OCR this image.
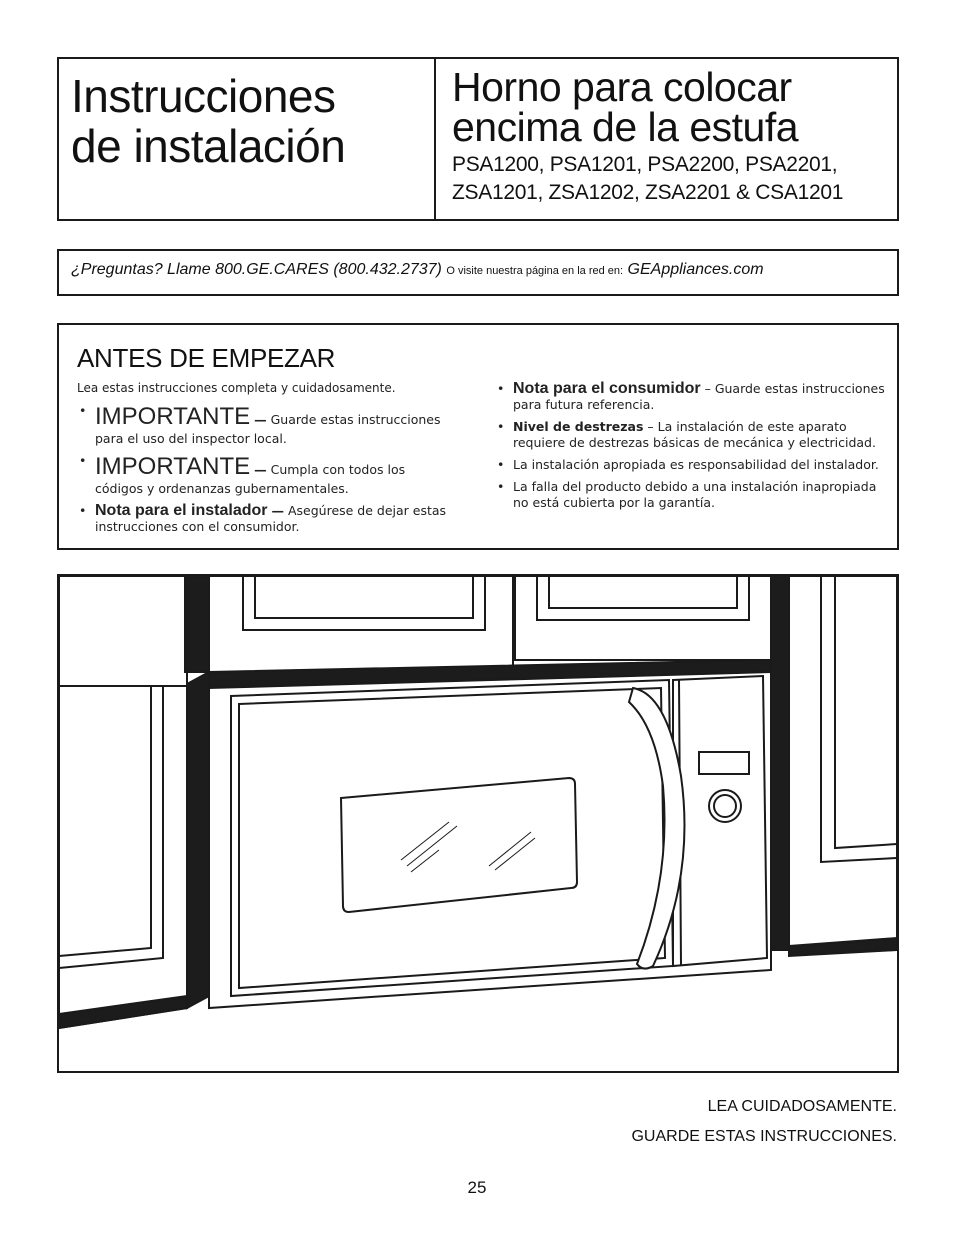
Instrucciones
de instalación
Horno para colocar
encima de la estufa
PSA1200, PSA1201, PSA2200, PSA2201,
ZSA1201, ZSA1202, ZSA2201 & CSA1201
¿Preguntas? Llame 800.GE.CARES (800.432.2737) O visite nuestra página en la red en: GEAppliances.com
ANTES DE EMPEZAR
Lea estas instrucciones completa y cuidadosamente.
• IMPORTANTE — Guarde estas instrucciones para el uso del inspector local.
• IMPORTANTE — Cumpla con todos los códigos y ordenanzas gubernamentales.
• Nota para el instalador — Asegúrese de dejar estas instrucciones con el consumidor.
• Nota para el consumidor – Guarde estas instrucciones para futura referencia.
• Nivel de destrezas – La instalación de este aparato requiere de destrezas básicas de mecánica y electricidad.
• La instalación apropiada es responsabilidad del instalador.
• La falla del producto debido a una instalación inapropiada no está cubierta por la garantía.
LEA CUIDADOSAMENTE.
GUARDE ESTAS INSTRUCCIONES.
25
